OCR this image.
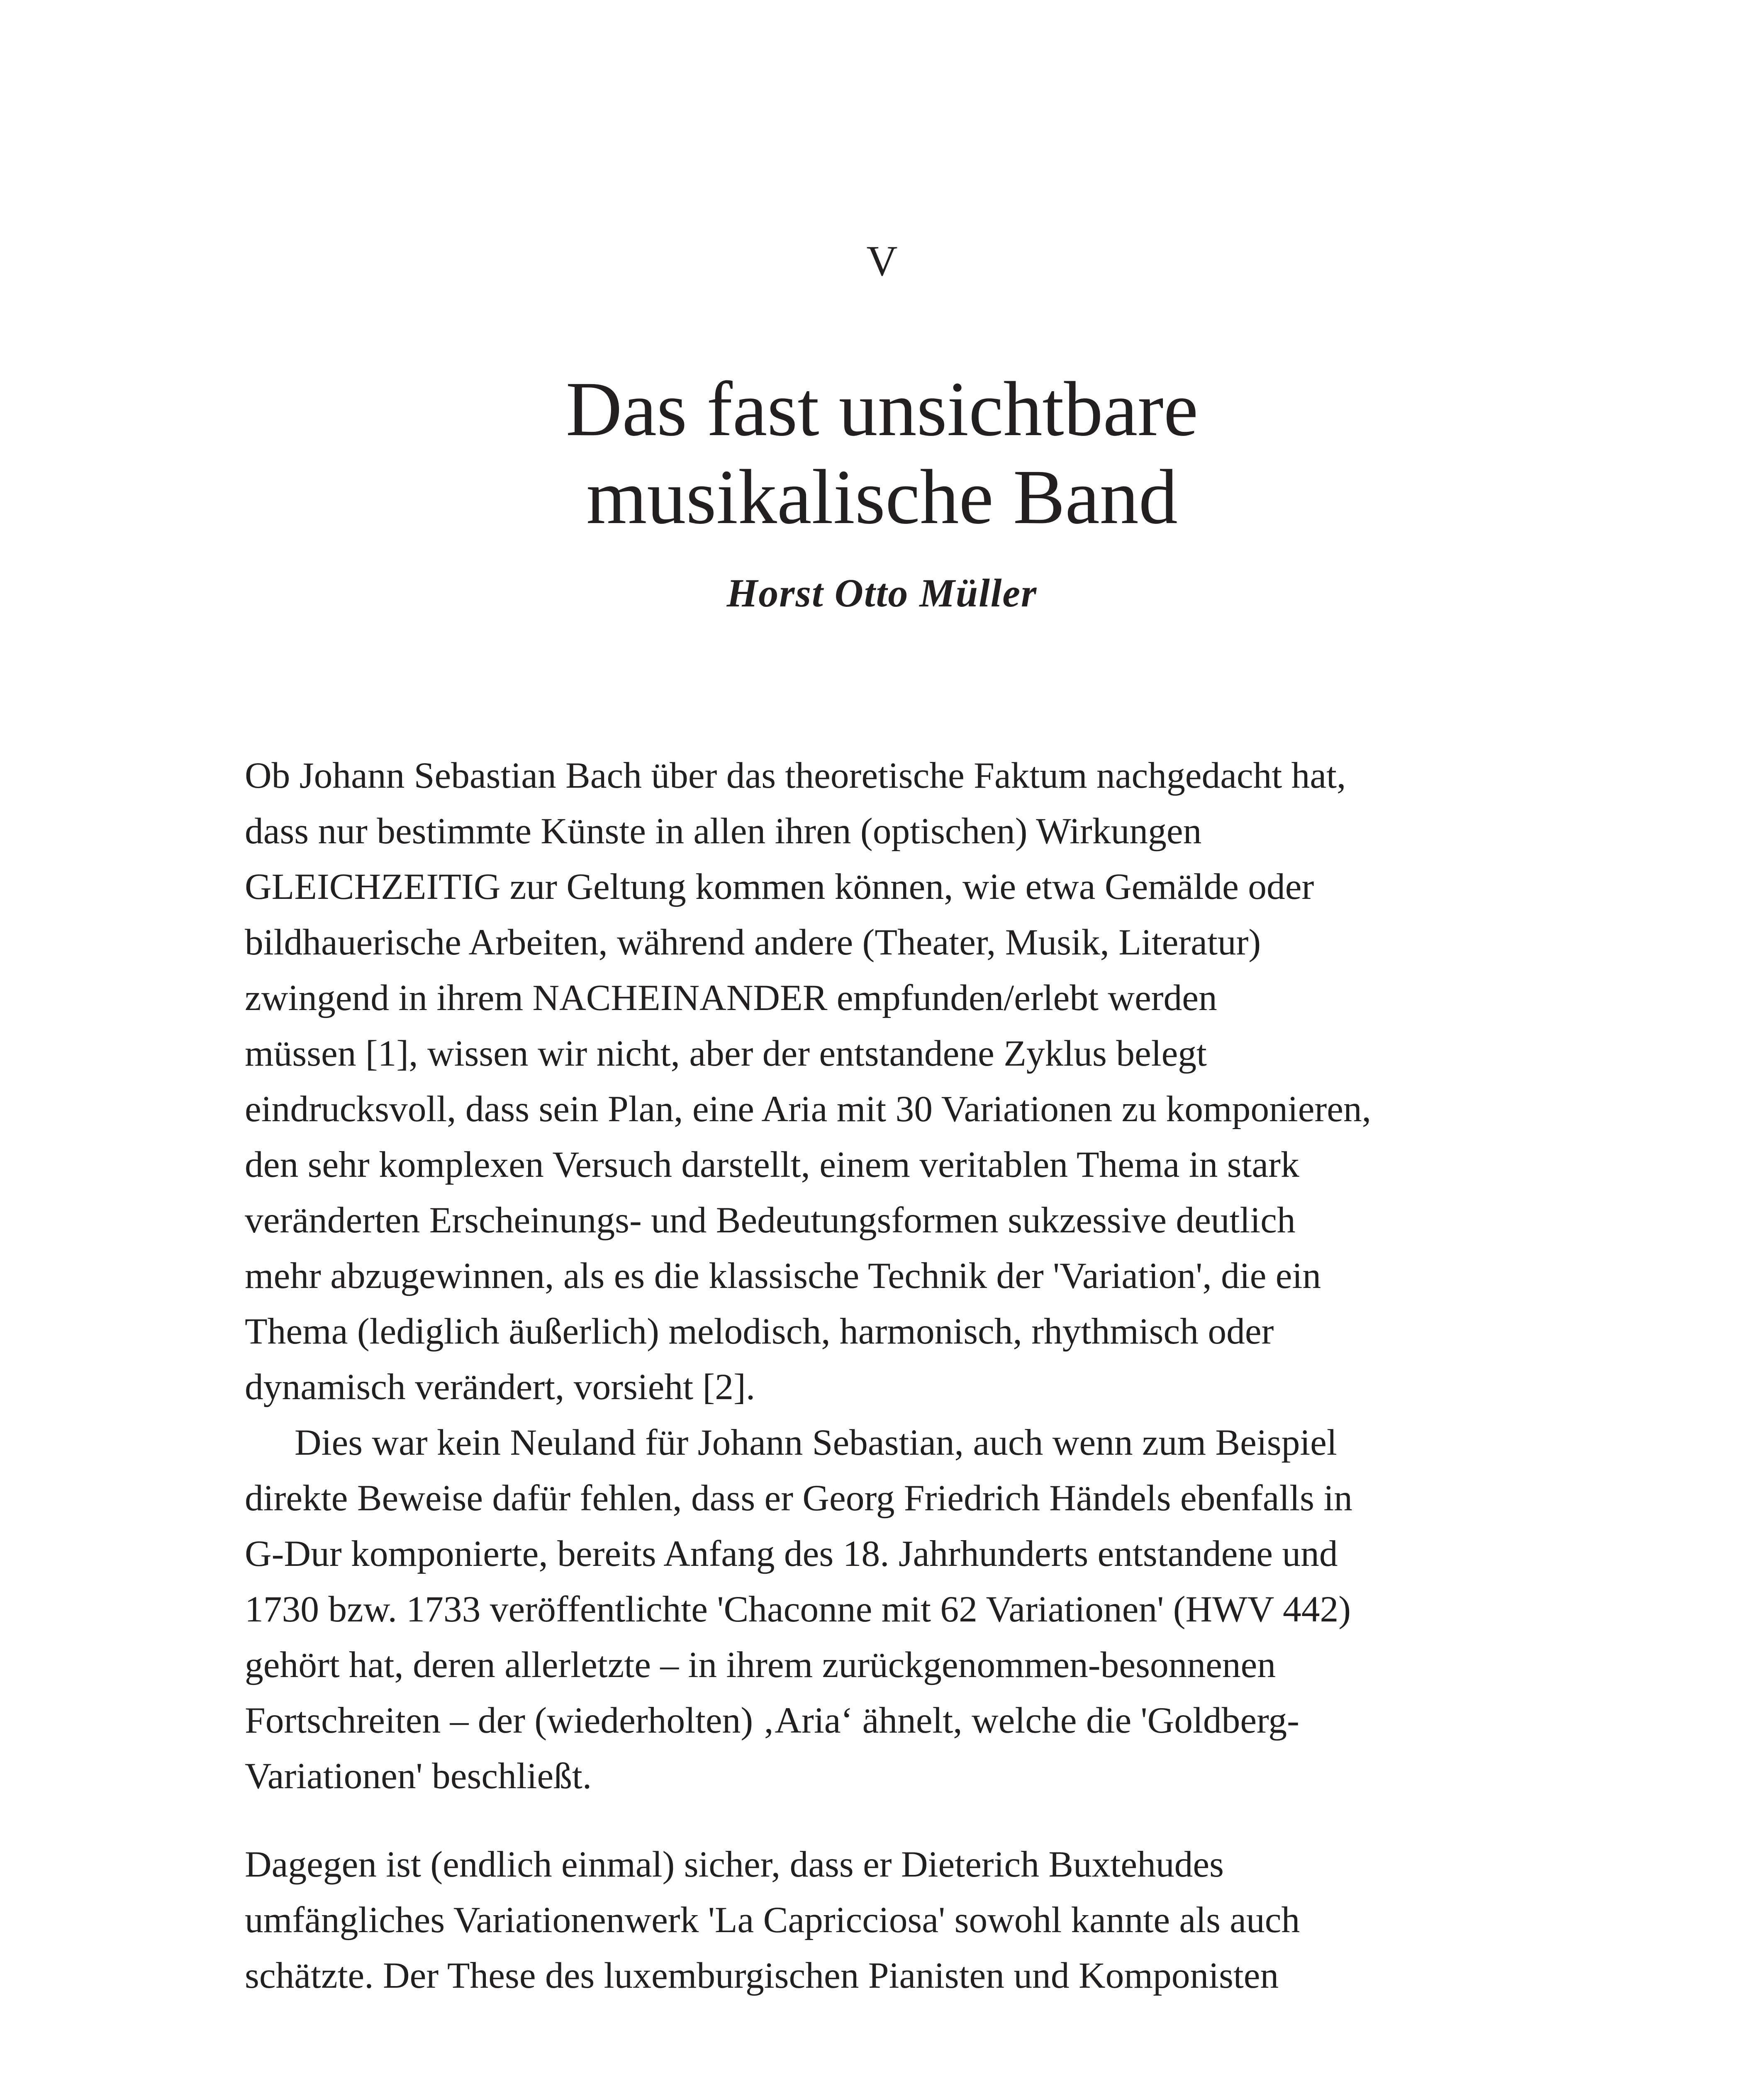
V
Das fast unsichtbare
musikalische Band
Horst Otto Müller
Ob Johann Sebastian Bach über das theoretische Faktum nachgedacht hat,
dass nur bestimmte Künste in allen ihren (optischen) Wirkungen
GLEICHZEITIG zur Geltung kommen können, wie etwa Gemälde oder
bildhauerische Arbeiten, während andere (Theater, Musik, Literatur)
zwingend in ihrem NACHEINANDER empfunden/erlebt werden
müssen [1], wissen wir nicht, aber der entstandene Zyklus belegt
eindrucksvoll, dass sein Plan, eine Aria mit 30 Variationen zu komponieren,
den sehr komplexen Versuch darstellt, einem veritablen Thema in stark
veränderten Erscheinungs- und Bedeutungsformen sukzessive deutlich
mehr abzugewinnen, als es die klassische Technik der 'Variation', die ein
Thema (lediglich äußerlich) melodisch, harmonisch, rhythmisch oder
dynamisch verändert, vorsieht [2].
Dies war kein Neuland für Johann Sebastian, auch wenn zum Beispiel
direkte Beweise dafür fehlen, dass er Georg Friedrich Händels ebenfalls in
G-Dur komponierte, bereits Anfang des 18. Jahrhunderts entstandene und
1730 bzw. 1733 veröffentlichte 'Chaconne mit 62 Variationen' (HWV 442)
gehört hat, deren allerletzte – in ihrem zurückgenommen-besonnenen
Fortschreiten – der (wiederholten) ‚Aria‘ ähnelt, welche die 'Goldberg-
Variationen' beschließt.
Dagegen ist (endlich einmal) sicher, dass er Dieterich Buxtehudes
umfängliches Variationenwerk 'La Capricciosa' sowohl kannte als auch
schätzte. Der These des luxemburgischen Pianisten und Komponisten
